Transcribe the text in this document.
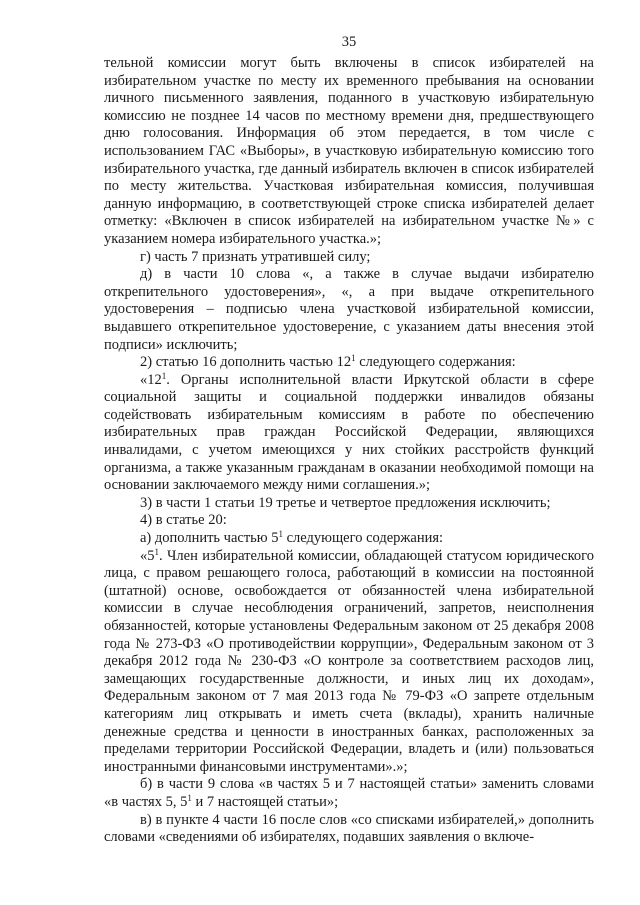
35

тельной комиссии могут быть включены в список избирателей на избирательном участке по месту их временного пребывания на основании личного письменного заявления, поданного в участковую избирательную комиссию не позднее 14 часов по местному времени дня, предшествующего дню голосования. Информация об этом передается, в том числе с использованием ГАС «Выборы», в участковую избирательную комиссию того избирательного участка, где данный избиратель включен в список избирателей по месту жительства. Участковая избирательная комиссия, получившая данную информацию, в соответствующей строке списка избирателей делает отметку: «Включен в список избирателей на избирательном участке №» с указанием номера избирательного участка.»;

г) часть 7 признать утратившей силу;

д) в части 10 слова «, а также в случае выдачи избирателю открепительного удостоверения», «, а при выдаче открепительного удостоверения – подписью члена участковой избирательной комиссии, выдавшего открепительное удостоверение, с указанием даты внесения этой подписи» исключить;

2) статью 16 дополнить частью $12^1$ следующего содержания:

«$12^1$. Органы исполнительной власти Иркутской области в сфере социальной защиты и социальной поддержки инвалидов обязаны содействовать избирательным комиссиям в работе по обеспечению избирательных прав граждан Российской Федерации, являющихся инвалидами, с учетом имеющихся у них стойких расстройств функций организма, а также указанным гражданам в оказании необходимой помощи на основании заключаемого между ними соглашения.»;

3) в части 1 статьи 19 третье и четвертое предложения исключить;

4) в статье 20:

а) дополнить частью $5^1$ следующего содержания:

«$5^1$. Член избирательной комиссии, обладающей статусом юридического лица, с правом решающего голоса, работающий в комиссии на постоянной (штатной) основе, освобождается от обязанностей члена избирательной комиссии в случае несоблюдения ограничений, запретов, неисполнения обязанностей, которые установлены Федеральным законом от 25 декабря 2008 года № 273-ФЗ «О противодействии коррупции», Федеральным законом от 3 декабря 2012 года № 230-ФЗ «О контроле за соответствием расходов лиц, замещающих государственные должности, и иных лиц их доходам», Федеральным законом от 7 мая 2013 года № 79-ФЗ «О запрете отдельным категориям лиц открывать и иметь счета (вклады), хранить наличные денежные средства и ценности в иностранных банках, расположенных за пределами территории Российской Федерации, владеть и (или) пользоваться иностранными финансовыми инструментами».»;

б) в части 9 слова «в частях 5 и 7 настоящей статьи» заменить словами «в частях 5, $5^1$ и 7 настоящей статьи»;

в) в пункте 4 части 16 после слов «со списками избирателей,» дополнить словами «сведениями об избирателях, подавших заявления о включе-
